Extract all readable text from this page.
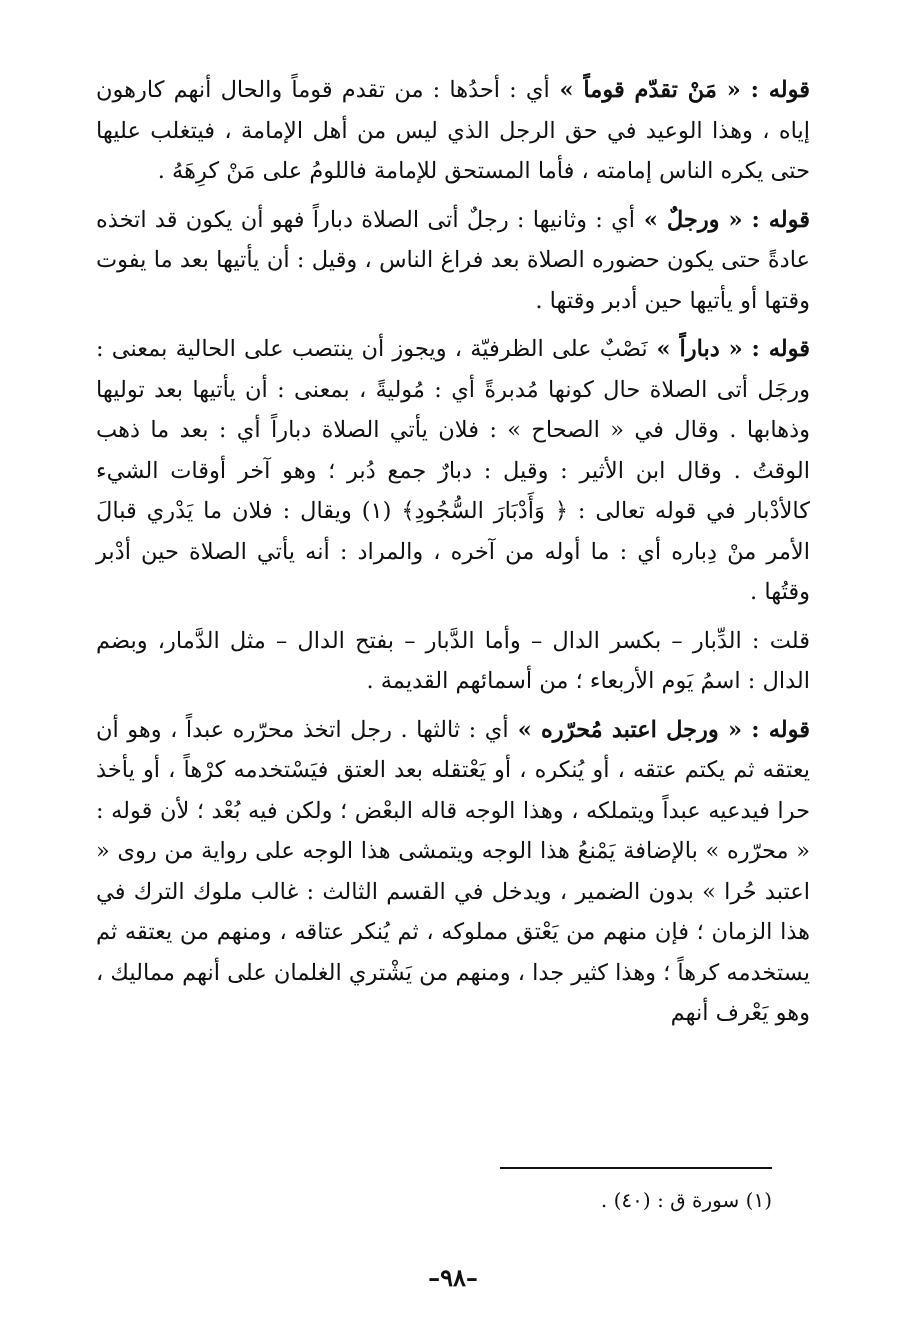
قوله : « مَنْ تقدّم قوماً » أي : أحدُها : من تقدم قوماً والحال أنهم كارهون إياه ، وهذا الوعيد في حق الرجل الذي ليس من أهل الإمامة ، فيتغلب عليها حتى يكره الناس إمامته ، فأما المستحق للإمامة فاللومُ على مَنْ كرِهَهُ .

قوله : « ورجلٌ » أي : وثانيها : رجلٌ أتى الصلاة دباراً فهو أن يكون قد اتخذه عادةً حتى يكون حضوره الصلاة بعد فراغ الناس ، وقيل : أن يأتيها بعد ما يفوت وقتها أو يأتيها حين أدبر وقتها .

قوله : « دباراً » نَصْبٌ على الظرفيّة ، ويجوز أن ينتصب على الحالية بمعنى : ورجَل أتى الصلاة حال كونها مُدبرةً أي : مُوليةً ، بمعنى : أن يأتيها بعد توليها وذهابها . وقال في « الصحاح » : فلان يأتي الصلاة دباراً أي : بعد ما ذهب الوقتُ . وقال ابن الأثير : وقيل : دبارٌ جمع دُبر ؛ وهو آخر أوقات الشيء كالأدْبار في قوله تعالى : ﴿ وَأَدْبَارَ السُّجُودِ﴾ (١) ويقال : فلان ما يَدْري قبالَ الأمر منْ دِباره أي : ما أوله من آخره ، والمراد : أنه يأتي الصلاة حين أدْبر وقتُها .

قلت : الدِّبار – بكسر الدال – وأما الدَّبار – بفتح الدال – مثل الدَّمار، وبضم الدال : اسمُ يَوم الأربعاء ؛ من أسمائهم القديمة .

قوله : « ورجل اعتبد مُحرّره » أي : ثالثها . رجل اتخذ محرّره عبداً ، وهو أن يعتقه ثم يكتم عتقه ، أو يُنكره ، أو يَعْتقله بعد العتق فيَسْتخدمه كرْهاً ، أو يأخذ حرا فيدعيه عبداً ويتملكه ، وهذا الوجه قاله البعْض ؛ ولكن فيه بُعْد ؛ لأن قوله : « محرّره » بالإضافة يَمْنعُ هذا الوجه ويتمشى هذا الوجه على رواية من روى « اعتبد حُرا » بدون الضمير ، ويدخل في القسم الثالث : غالب ملوك الترك في هذا الزمان ؛ فإن منهم من يَعْتق مملوكه ، ثم يُنكر عتاقه ، ومنهم من يعتقه ثم يستخدمه كرهاً ؛ وهذا كثير جدا ، ومنهم من يَشْتري الغلمان على أنهم مماليك ، وهو يَعْرف أنهم

(١) سورة ق : (٤٠) .
–٩٨–
